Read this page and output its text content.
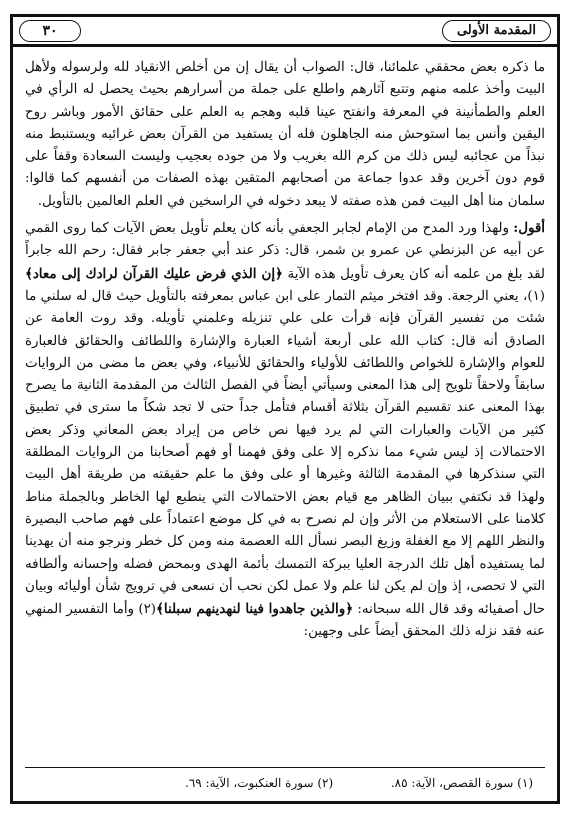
المقدمة الأولى
٣٠

ما ذكره بعض محققي علمائنا، قال: الصواب أن يقال إن من أخلص الانقياد لله ولرسوله ولأهل البيت وأخذ علمه منهم وتتبع آثارهم واطلع على جملة من أسرارهم بحيث يحصل له الرأي في العلم والطمأنينة في المعرفة وانفتح عينا قلبه وهجم به العلم على حقائق الأمور وباشر روح اليقين وأنس بما استوحش منه الجاهلون فله أن يستفيد من القرآن بعض غرائبه ويستنبط منه نبذاً من عجائبه ليس ذلك من كرم الله بغريب ولا من جوده بعجيب وليست السعادة وقفاً على قوم دون آخرين وقد عدوا جماعة من أصحابهم المتقين بهذه الصفات من أنفسهم كما قالوا: سلمان منا أهل البيت فمن هذه صفته لا يبعد دخوله في الراسخين في العلم العالمين بالتأويل.

أقول: ولهذا ورد المدح من الإمام لجابر الجعفي بأنه كان يعلم تأويل بعض الآيات كما روى القمي عن أبيه عن البزنطي عن عمرو بن شمر، قال: ذكر عند أبي جعفر جابر فقال: رحم الله جابراً لقد بلغ من علمه أنه كان يعرف تأويل هذه الآية ﴿إن الذي فرض عليك القرآن لرادك إلى معاد﴾(١)، يعني الرجعة. وقد افتخر ميثم التمار على ابن عباس بمعرفته بالتأويل حيث قال له سلني ما شئت من تفسير القرآن فإنه قرأت على علي تنزيله وعلمني تأويله. وقد روت العامة عن الصادق أنه قال: كتاب الله على أربعة أشياء العبارة والإشارة واللطائف والحقائق فالعبارة للعوام والإشارة للخواص واللطائف للأولياء والحقائق للأنبياء، وفي بعض ما مضى من الروايات سابقاً ولاحقاً تلويح إلى هذا المعنى وسيأتي أيضاً في الفصل الثالث من المقدمة الثانية ما يصرح بهذا المعنى عند تقسيم القرآن بثلاثة أقسام فتأمل جداً حتى لا تجد شكاً ما سترى في تطبيق كثير من الآيات والعبارات التي لم يرد فيها نص خاص من إيراد بعض المعاني وذكر بعض الاحتمالات إذ ليس شيء مما نذكره إلا على وفق فهمنا أو فهم أصحابنا من الروايات المطلقة التي سنذكرها في المقدمة الثالثة وغيرها أو على وفق ما علم حقيقته من طريقة أهل البيت ولهذا قد نكتفي ببيان الظاهر مع قيام بعض الاحتمالات التي ينطبع لها الخاطر وبالجملة مناط كلامنا على الاستعلام من الأثر وإن لم نصرح به في كل موضع اعتماداً على فهم صاحب البصيرة والنظر اللهم إلا مع الغفلة وزيغ البصر نسأل الله العصمة منه ومن كل خطر ونرجو منه أن يهدينا لما يستفيده أهل تلك الدرجة العليا ببركة التمسك بأئمة الهدى وبمحض فضله وإحسانه وألطافه التي لا تحصى، إذ وإن لم يكن لنا علم ولا عمل لكن نحب أن نسعى في ترويج شأن أوليائه وبيان حال أصفيائه وقد قال الله سبحانه: ﴿والذين جاهدوا فينا لنهدينهم سبلنا﴾(٢) وأما التفسير المنهي عنه فقد نزله ذلك المحقق أيضاً على وجهين:

(١) سورة القصص، الآية: ٨٥.
(٢) سورة العنكبوت، الآية: ٦٩.
